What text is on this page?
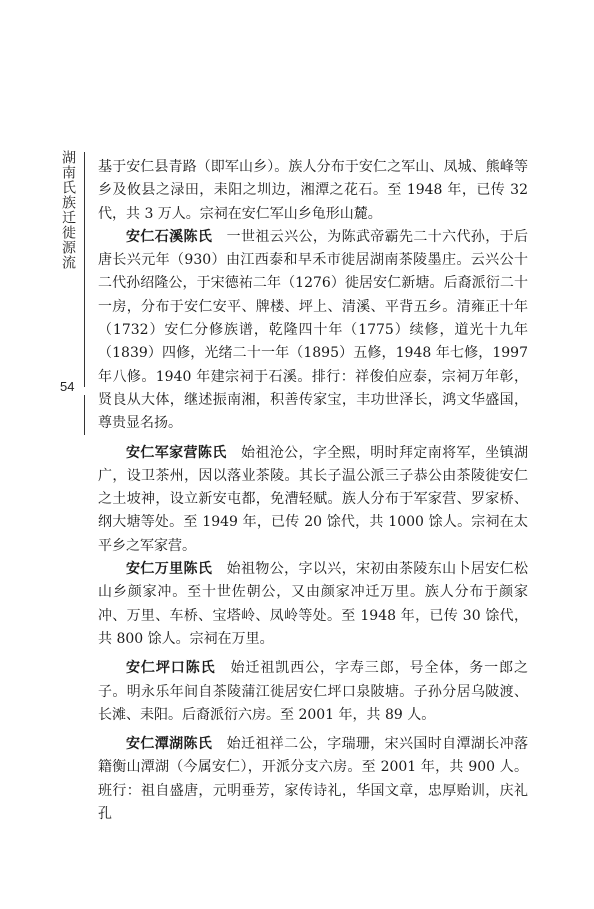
湖南氏族迁徙源流
54

基于安仁县青路（即军山乡）。族人分布于安仁之军山、凤城、熊峰等乡及攸县之渌田，耒阳之圳边，湘潭之花石。至 1948 年，已传 32 代，共 3 万人。宗祠在安仁军山乡龟形山麓。

安仁石溪陈氏　 一世祖云兴公，为陈武帝霸先二十六代孙，于后唐长兴元年（930）由江西泰和早禾市徙居湖南茶陵墨庄。云兴公十二代孙绍隆公，于宋德祐二年（1276）徙居安仁新塘。后裔派衍二十一房，分布于安仁安平、牌楼、坪上、清溪、平背五乡。清雍正十年（1732）安仁分修族谱，乾隆四十年（1775）续修，道光十九年（1839）四修，光绪二十一年（1895）五修，1948 年七修，1997 年八修。1940 年建宗祠于石溪。排行：祥俊伯应泰，宗祠万年彰，贤良从大体，继述振南湘，积善传家宝，丰功世泽长，鸿文华盛国，尊贵显名扬。

安仁军家营陈氏　 始祖沧公，字全熙，明时拜定南将军，坐镇湖广，设卫茶州，因以落业茶陵。其长子温公派三子恭公由茶陵徙安仁之土坡神，设立新安屯都，免漕轻赋。族人分布于军家营、罗家桥、纲大塘等处。至 1949 年，已传 20 馀代，共 1000 馀人。宗祠在太平乡之军家营。

安仁万里陈氏　 始祖物公，字以兴，宋初由茶陵东山卜居安仁松山乡颜家冲。至十世佐朝公，又由颜家冲迁万里。族人分布于颜家冲、万里、车桥、宝塔岭、凤岭等处。至 1948 年，已传 30 馀代，共 800 馀人。宗祠在万里。

安仁坪口陈氏　 始迁祖凯西公，字寿三郎，号全体，务一郎之子。明永乐年间自茶陵蒲江徙居安仁坪口泉陂塘。子孙分居乌陂渡、长滩、耒阳。后裔派衍六房。至 2001 年，共 89 人。

安仁潭湖陈氏　 始迁祖祥二公，字瑞珊，宋兴国时自潭湖长冲落籍衡山潭湖（今属安仁），开派分支六房。至 2001 年，共 900 人。班行：祖自盛唐，元明垂芳，家传诗礼，华国文章，忠厚贻训，庆礼孔
